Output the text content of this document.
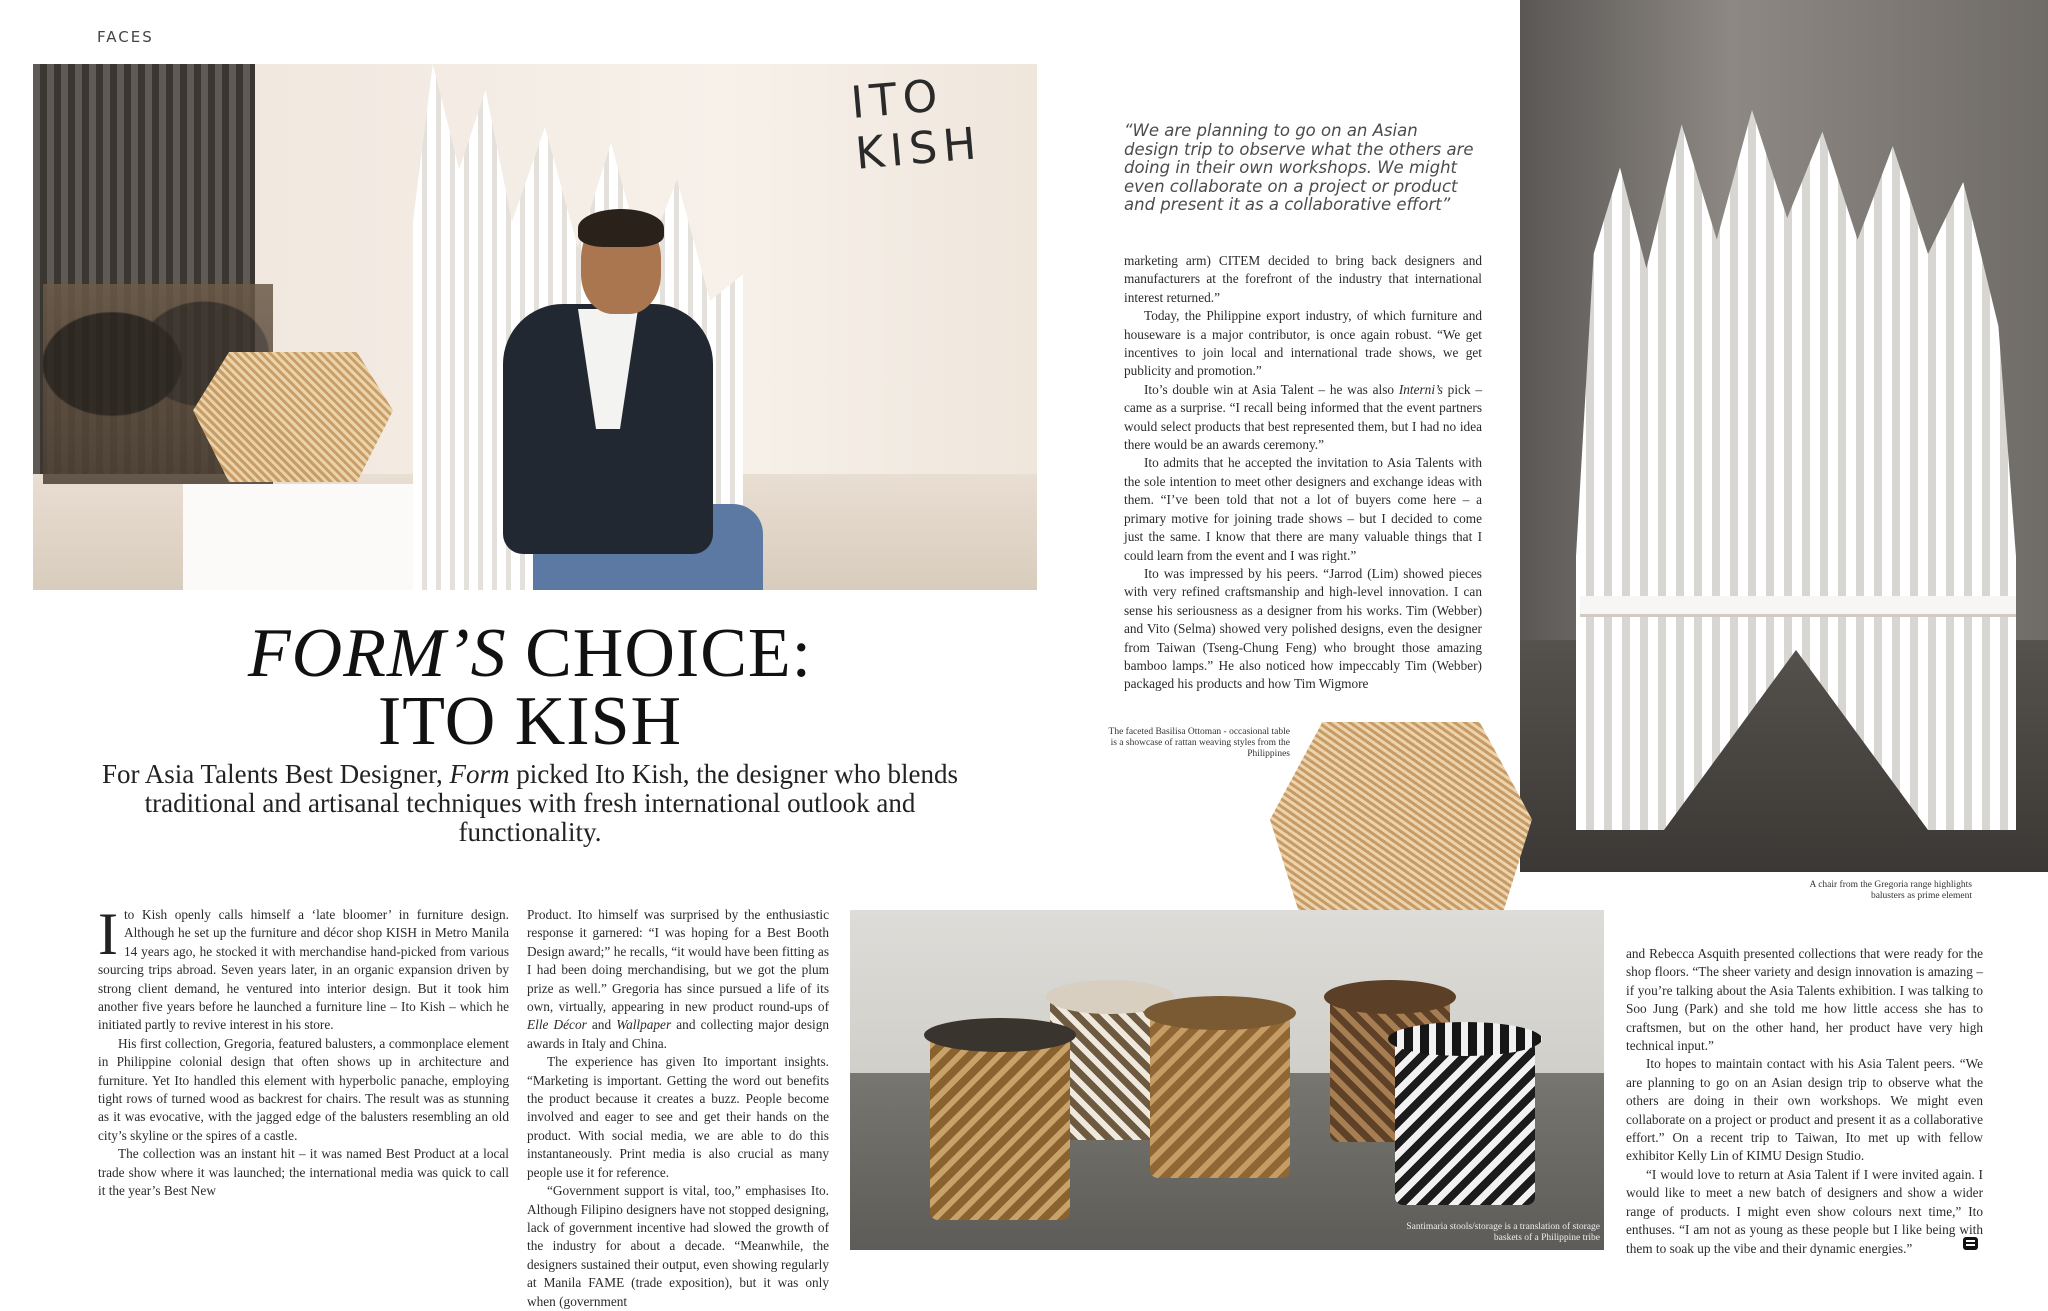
FACES
ITO KISH
FORM’S CHOICE:
ITO KISH

For Asia Talents Best Designer, Form picked Ito Kish, the designer who blends traditional and artisanal techniques with fresh international outlook and functionality.

Ito Kish openly calls himself a ‘late bloomer’ in furniture design. Although he set up the furniture and décor shop KISH in Metro Manila 14 years ago, he stocked it with merchandise hand-picked from various sourcing trips abroad. Seven years later, in an organic expansion driven by strong client demand, he ventured into interior design. But it took him another five years before he launched a furniture line – Ito Kish – which he initiated partly to revive interest in his store.

His first collection, Gregoria, featured balusters, a commonplace element in Philippine colonial design that often shows up in architecture and furniture. Yet Ito handled this element with hyperbolic panache, employing tight rows of turned wood as backrest for chairs. The result was as stunning as it was evocative, with the jagged edge of the balusters resembling an old city’s skyline or the spires of a castle.

The collection was an instant hit – it was named Best Product at a local trade show where it was launched; the international media was quick to call it the year’s Best New

Product. Ito himself was surprised by the enthusiastic response it garnered: “I was hoping for a Best Booth Design award;” he recalls, “it would have been fitting as I had been doing merchandising, but we got the plum prize as well.” Gregoria has since pursued a life of its own, virtually, appearing in new product round-ups of Elle Décor and Wallpaper and collecting major design awards in Italy and China.

The experience has given Ito important insights. “Marketing is important. Getting the word out benefits the product because it creates a buzz. People become involved and eager to see and get their hands on the product. With social media, we are able to do this instantaneously. Print media is also crucial as many people use it for reference.

“Government support is vital, too,” emphasises Ito. Although Filipino designers have not stopped designing, lack of government incentive had slowed the growth of the industry for about a decade. “Meanwhile, the designers sustained their output, even showing regularly at Manila FAME (trade exposition), but it was only when (government

“We are planning to go on an Asian design trip to observe what the others are doing in their own workshops. We might even collaborate on a project or product and present it as a collaborative effort”

marketing arm) CITEM decided to bring back designers and manufacturers at the forefront of the industry that international interest returned.”

Today, the Philippine export industry, of which furniture and houseware is a major contributor, is once again robust. “We get incentives to join local and international trade shows, we get publicity and promotion.”

Ito’s double win at Asia Talent – he was also Interni’s pick – came as a surprise. “I recall being informed that the event partners would select products that best represented them, but I had no idea there would be an awards ceremony.”

Ito admits that he accepted the invitation to Asia Talents with the sole intention to meet other designers and exchange ideas with them. “I’ve been told that not a lot of buyers come here – a primary motive for joining trade shows – but I decided to come just the same. I know that there are many valuable things that I could learn from the event and I was right.”

Ito was impressed by his peers. “Jarrod (Lim) showed pieces with very refined craftsmanship and high-level innovation. I can sense his seriousness as a designer from his works. Tim (Webber) and Vito (Selma) showed very polished designs, even the designer from Taiwan (Tseng-Chung Feng) who brought those amazing bamboo lamps.” He also noticed how impeccably Tim (Webber) packaged his products and how Tim Wigmore

A chair from the Gregoria range highlights balusters as prime element
The faceted Basilisa Ottoman - occasional table is a showcase of rattan weaving styles from the Philippines
Santimaria stools/storage is a translation of storage baskets of a Philippine tribe

and Rebecca Asquith presented collections that were ready for the shop floors. “The sheer variety and design innovation is amazing – if you’re talking about the Asia Talents exhibition. I was talking to Soo Jung (Park) and she told me how little access she has to craftsmen, but on the other hand, her product have very high technical input.”

Ito hopes to maintain contact with his Asia Talent peers. “We are planning to go on an Asian design trip to observe what the others are doing in their own workshops. We might even collaborate on a project or product and present it as a collaborative effort.” On a recent trip to Taiwan, Ito met up with fellow exhibitor Kelly Lin of KIMU Design Studio.

“I would love to return at Asia Talent if I were invited again. I would like to meet a new batch of designers and show a wider range of products. I might even show colours next time,” Ito enthuses. “I am not as young as these people but I like being with them to soak up the vibe and their dynamic energies.”
